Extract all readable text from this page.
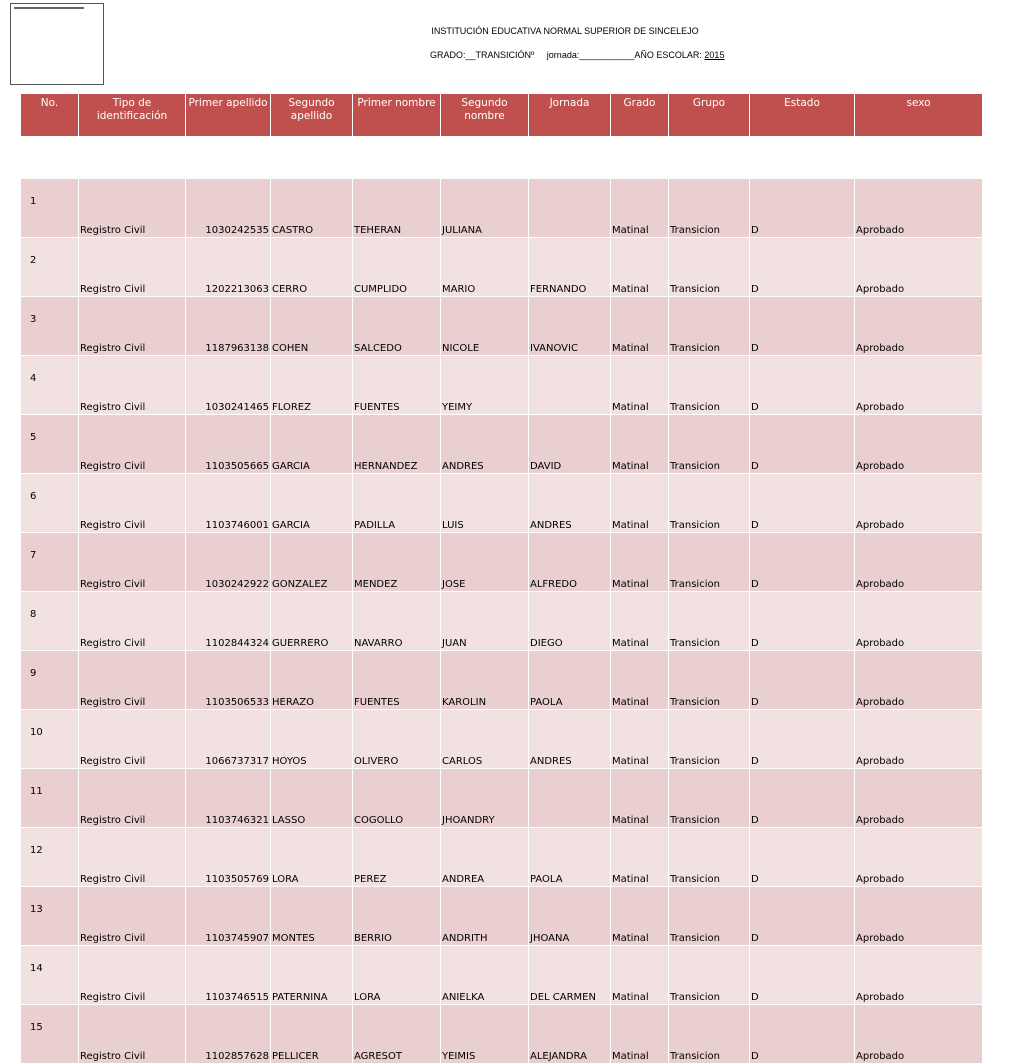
INSTITUCIÓN EDUCATIVA NORMAL SUPERIOR DE SINCELEJO
GRADO:__TRANSICIÓNº     jornada:___________AÑO ESCOLAR: 2015
No.	Tipo de identificación	Primer apellido	Segundo apellido	Primer nombre	Segundo nombre	Jornada	Grado	Grupo	Estado	sexo

1	Registro Civil	1030242535	CASTRO	TEHERAN	JULIANA		Matinal	Transicion	D	Aprobado
2	Registro Civil	1202213063	CERRO	CUMPLIDO	MARIO	FERNANDO	Matinal	Transicion	D	Aprobado
3	Registro Civil	1187963138	COHEN	SALCEDO	NICOLE	IVANOVIC	Matinal	Transicion	D	Aprobado
4	Registro Civil	1030241465	FLOREZ	FUENTES	YEIMY		Matinal	Transicion	D	Aprobado
5	Registro Civil	1103505665	GARCIA	HERNANDEZ	ANDRES	DAVID	Matinal	Transicion	D	Aprobado
6	Registro Civil	1103746001	GARCIA	PADILLA	LUIS	ANDRES	Matinal	Transicion	D	Aprobado
7	Registro Civil	1030242922	GONZALEZ	MENDEZ	JOSE	ALFREDO	Matinal	Transicion	D	Aprobado
8	Registro Civil	1102844324	GUERRERO	NAVARRO	JUAN	DIEGO	Matinal	Transicion	D	Aprobado
9	Registro Civil	1103506533	HERAZO	FUENTES	KAROLIN	PAOLA	Matinal	Transicion	D	Aprobado
10	Registro Civil	1066737317	HOYOS	OLIVERO	CARLOS	ANDRES	Matinal	Transicion	D	Aprobado
11	Registro Civil	1103746321	LASSO	COGOLLO	JHOANDRY		Matinal	Transicion	D	Aprobado
12	Registro Civil	1103505769	LORA	PEREZ	ANDREA	PAOLA	Matinal	Transicion	D	Aprobado
13	Registro Civil	1103745907	MONTES	BERRIO	ANDRITH	JHOANA	Matinal	Transicion	D	Aprobado
14	Registro Civil	1103746515	PATERNINA	LORA	ANIELKA	DEL CARMEN	Matinal	Transicion	D	Aprobado
15	Registro Civil	1102857628	PELLICER	AGRESOT	YEIMIS	ALEJANDRA	Matinal	Transicion	D	Aprobado
